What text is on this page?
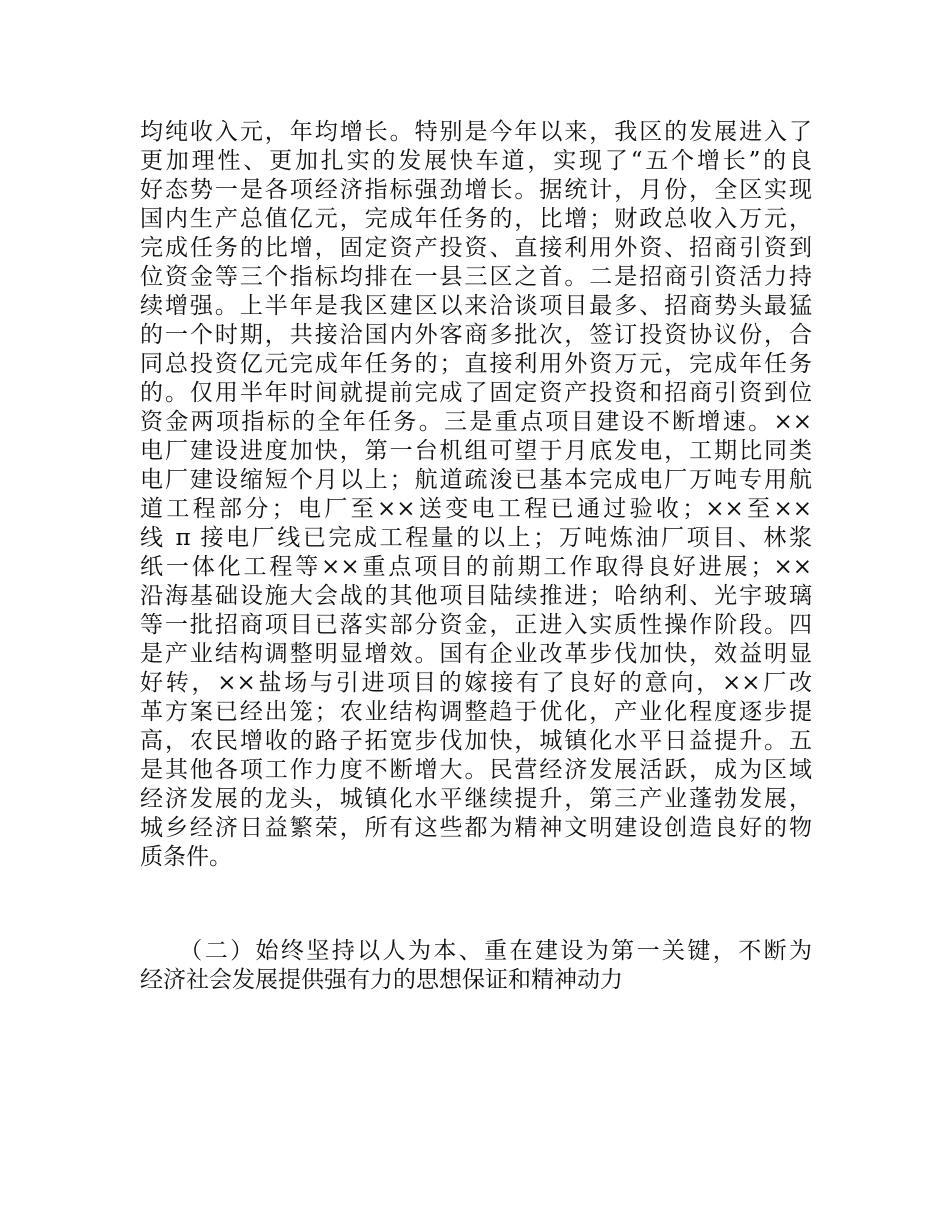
均纯收入元，年均增长。特别是今年以来，我区的发展进入了
更加理性、更加扎实的发展快车道，实现了“五个增长”的良
好态势一是各项经济指标强劲增长。据统计，月份，全区实现
国内生产总值亿元，完成年任务的，比增；财政总收入万元，
完成任务的比增，固定资产投资、直接利用外资、招商引资到
位资金等三个指标均排在一县三区之首。二是招商引资活力持
续增强。上半年是我区建区以来洽谈项目最多、招商势头最猛
的一个时期，共接洽国内外客商多批次，签订投资协议份，合
同总投资亿元完成年任务的；直接利用外资万元，完成年任务
的。仅用半年时间就提前完成了固定资产投资和招商引资到位
资金两项指标的全年任务。三是重点项目建设不断增速。××
电厂建设进度加快，第一台机组可望于月底发电，工期比同类
电厂建设缩短个月以上；航道疏浚已基本完成电厂万吨专用航
道工程部分；电厂至××送变电工程已通过验收；××至××
线 π 接电厂线已完成工程量的以上；万吨炼油厂项目、林浆
纸一体化工程等××重点项目的前期工作取得良好进展；××
沿海基础设施大会战的其他项目陆续推进；哈纳利、光宇玻璃
等一批招商项目已落实部分资金，正进入实质性操作阶段。四
是产业结构调整明显增效。国有企业改革步伐加快，效益明显
好转，××盐场与引进项目的嫁接有了良好的意向，××厂改
革方案已经出笼；农业结构调整趋于优化，产业化程度逐步提
高，农民增收的路子拓宽步伐加快，城镇化水平日益提升。五
是其他各项工作力度不断增大。民营经济发展活跃，成为区域
经济发展的龙头，城镇化水平继续提升，第三产业蓬勃发展，
城乡经济日益繁荣，所有这些都为精神文明建设创造良好的物
质条件。
　　（二）始终坚持以人为本、重在建设为第一关键，不断为
经济社会发展提供强有力的思想保证和精神动力
